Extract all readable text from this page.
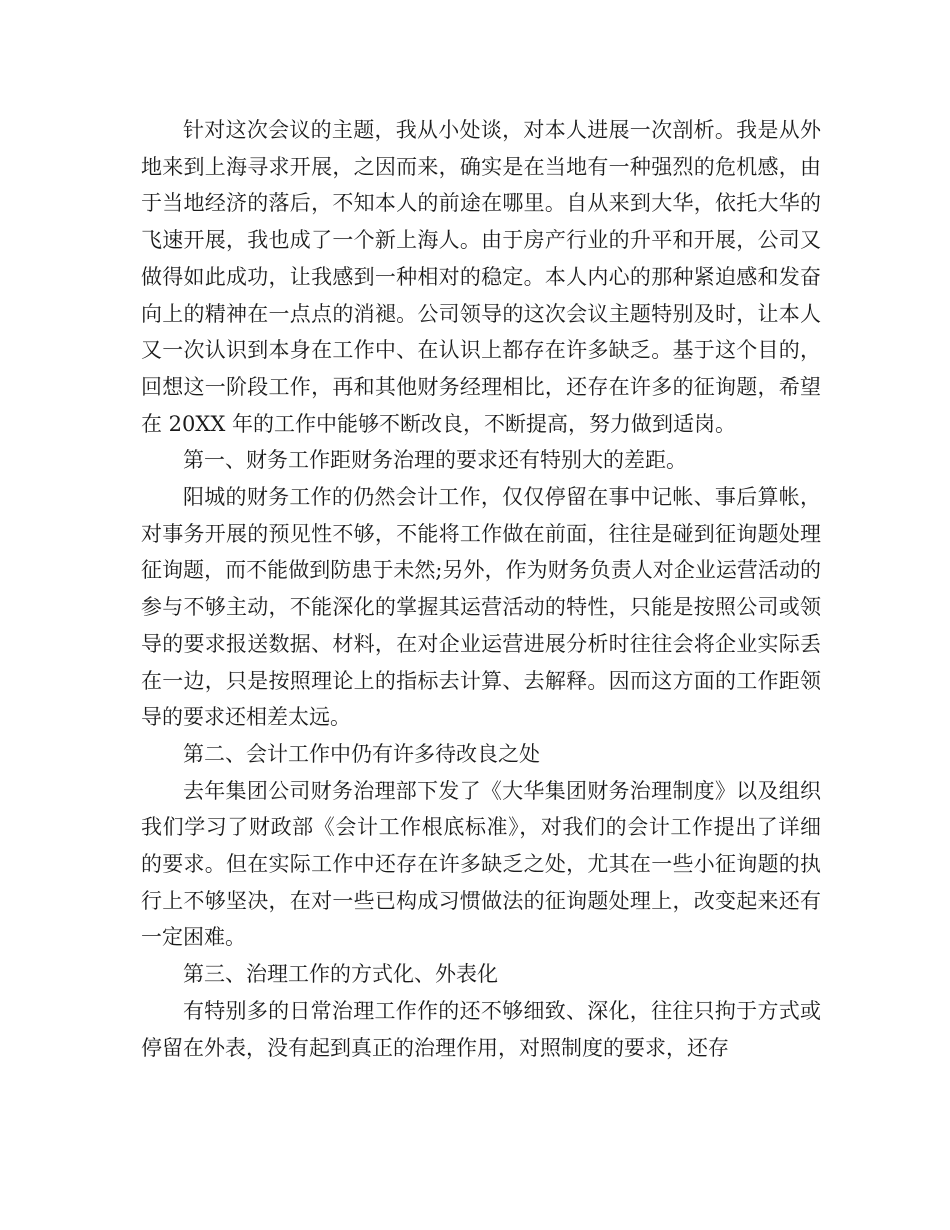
针对这次会议的主题，我从小处谈，对本人进展一次剖析。我是从外地来到上海寻求开展，之因而来，确实是在当地有一种强烈的危机感，由于当地经济的落后，不知本人的前途在哪里。自从来到大华，依托大华的飞速开展，我也成了一个新上海人。由于房产行业的升平和开展，公司又做得如此成功，让我感到一种相对的稳定。本人内心的那种紧迫感和发奋向上的精神在一点点的消褪。公司领导的这次会议主题特别及时，让本人又一次认识到本身在工作中、在认识上都存在许多缺乏。基于这个目的，回想这一阶段工作，再和其他财务经理相比，还存在许多的征询题，希望在 20XX 年的工作中能够不断改良，不断提高，努力做到适岗。

第一、财务工作距财务治理的要求还有特别大的差距。

阳城的财务工作的仍然会计工作，仅仅停留在事中记帐、事后算帐，对事务开展的预见性不够，不能将工作做在前面，往往是碰到征询题处理征询题，而不能做到防患于未然;另外，作为财务负责人对企业运营活动的参与不够主动，不能深化的掌握其运营活动的特性，只能是按照公司或领导的要求报送数据、材料，在对企业运营进展分析时往往会将企业实际丢在一边，只是按照理论上的指标去计算、去解释。因而这方面的工作距领导的要求还相差太远。

第二、会计工作中仍有许多待改良之处

去年集团公司财务治理部下发了《大华集团财务治理制度》以及组织我们学习了财政部《会计工作根底标准》，对我们的会计工作提出了详细的要求。但在实际工作中还存在许多缺乏之处，尤其在一些小征询题的执行上不够坚决，在对一些已构成习惯做法的征询题处理上，改变起来还有一定困难。

第三、治理工作的方式化、外表化

有特别多的日常治理工作作的还不够细致、深化，往往只拘于方式或停留在外表，没有起到真正的治理作用，对照制度的要求，还存
